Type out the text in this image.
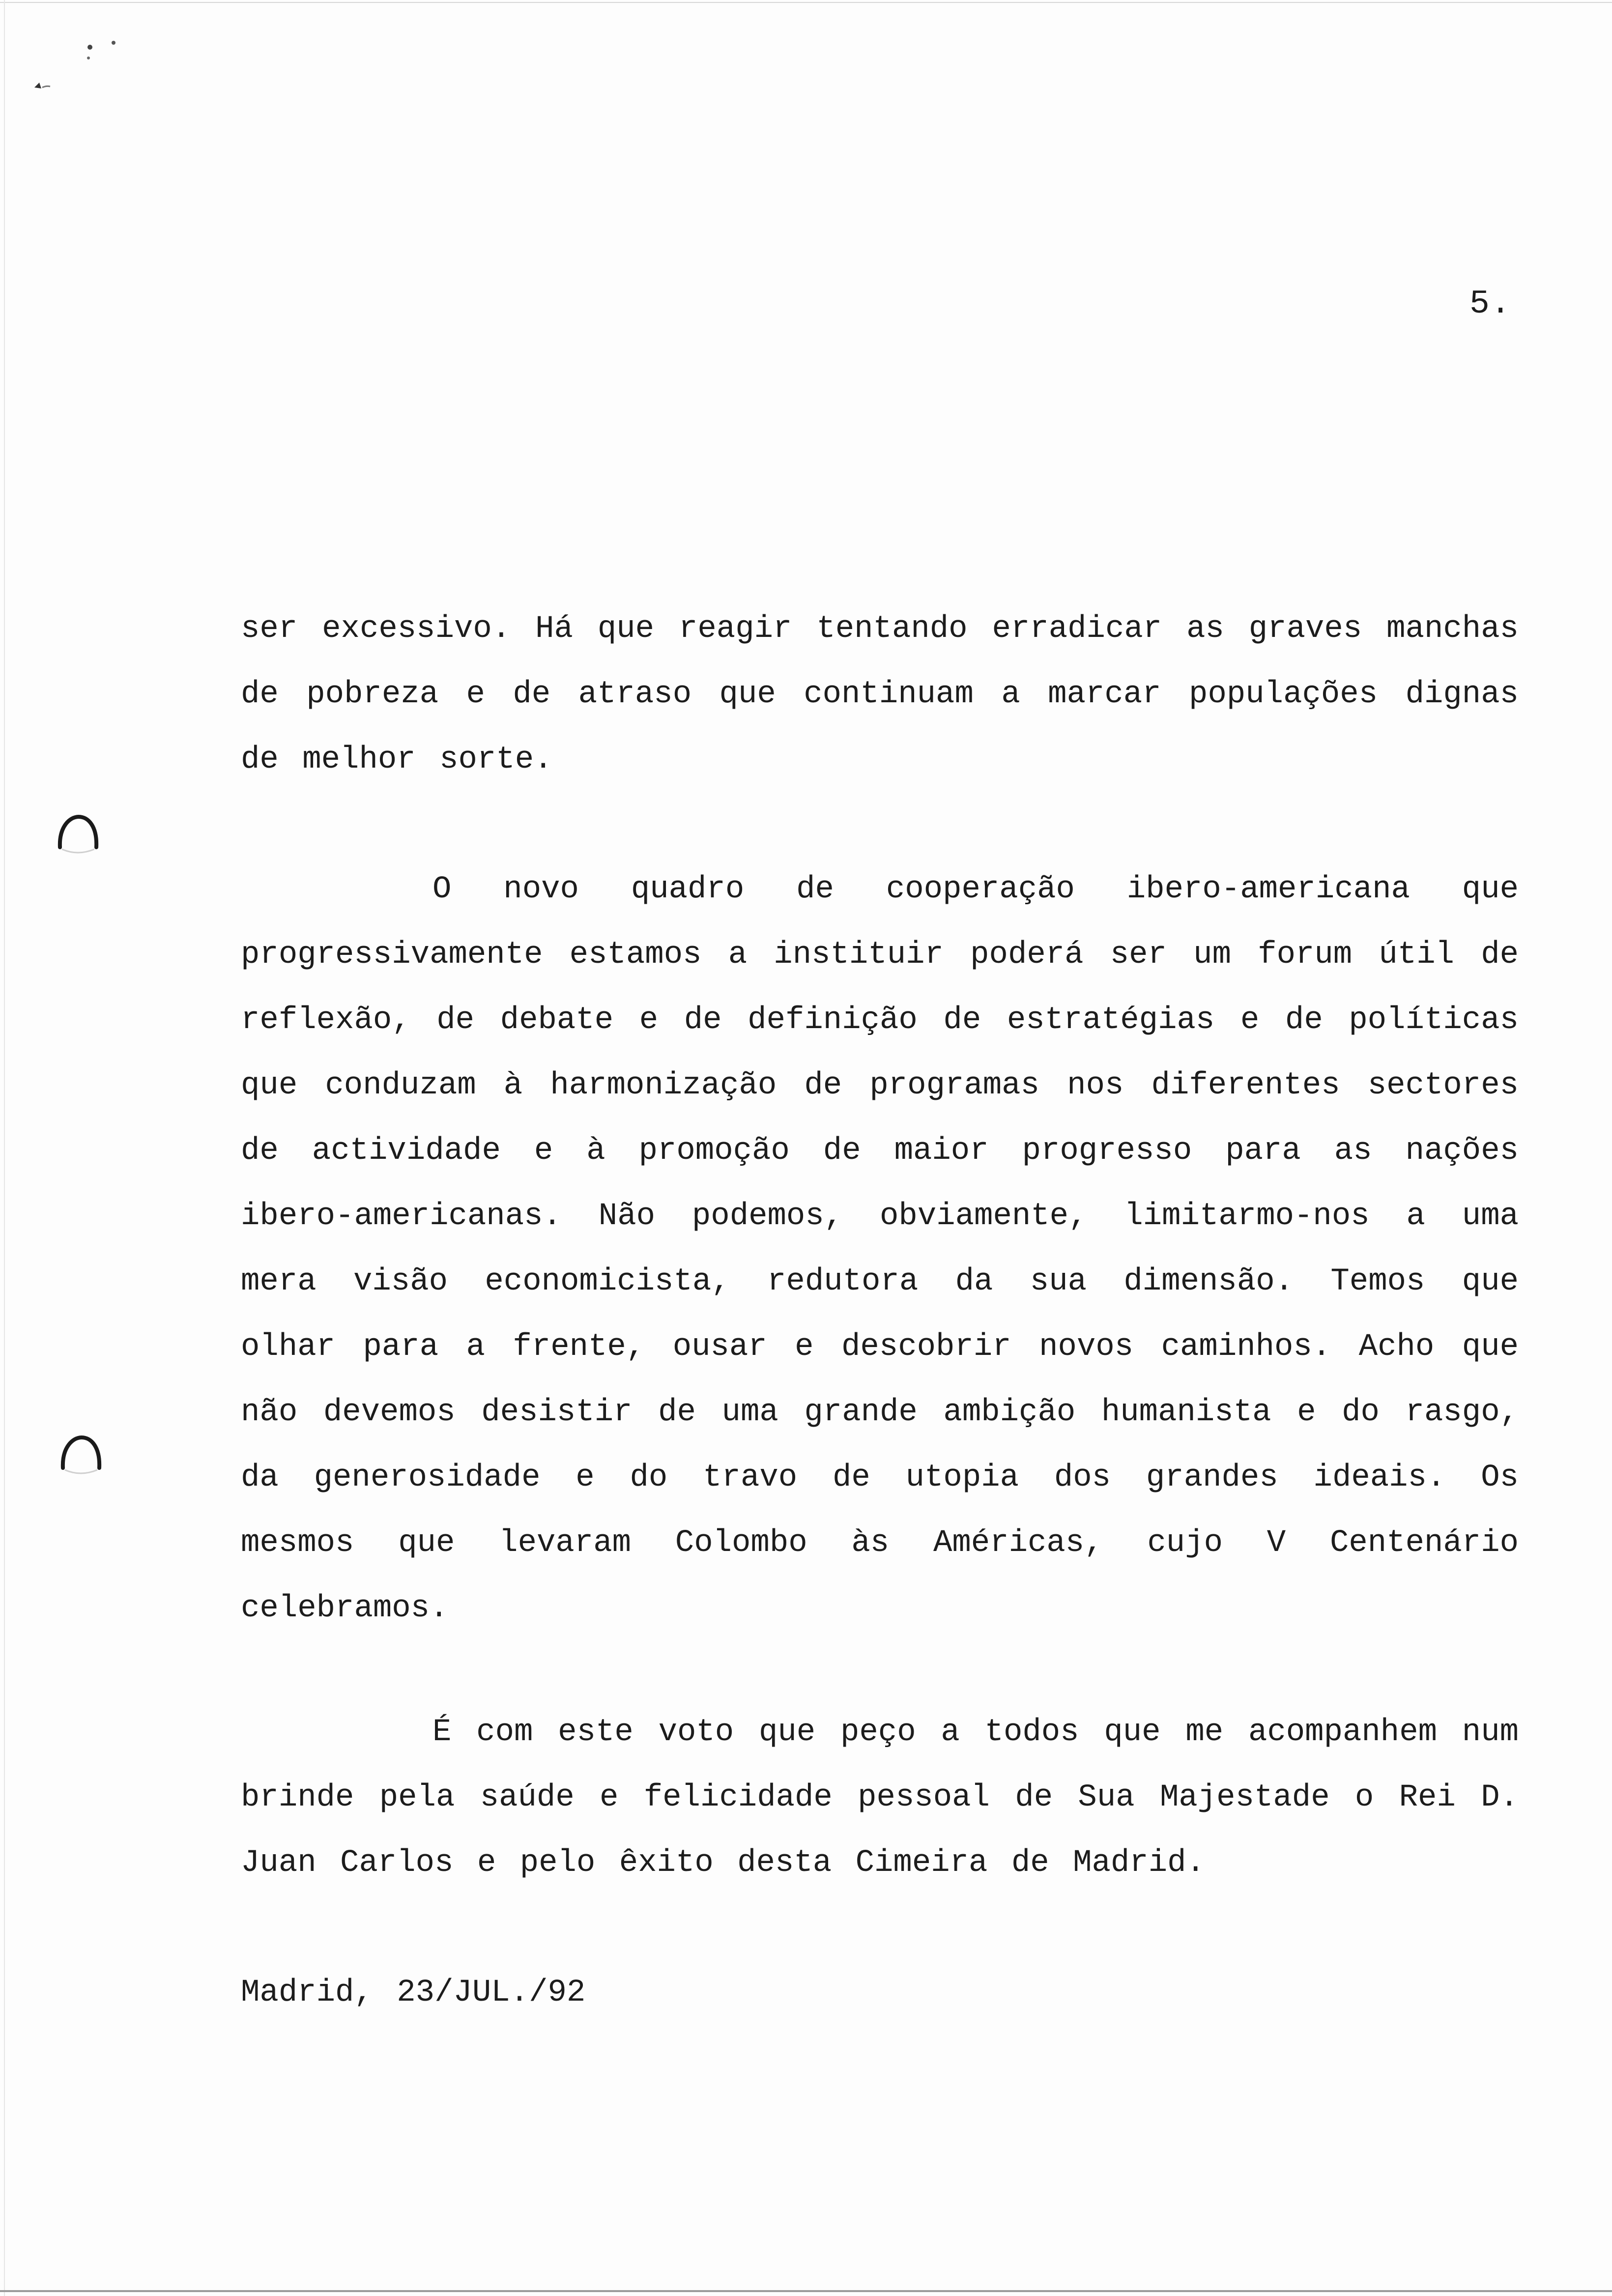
5.

ser excessivo. Há que reagir tentando erradicar as graves manchas de pobreza e de atraso que continuam a marcar populações dignas de melhor sorte.

O novo quadro de cooperação ibero-americana que progressivamente estamos a instituir poderá ser um forum útil de reflexão, de debate e de definição de estratégias e de políticas que conduzam à harmonização de programas nos diferentes sectores de actividade e à promoção de maior progresso para as nações ibero-americanas. Não podemos, obviamente, limitarmo-nos a uma mera visão economicista, redutora da sua dimensão. Temos que olhar para a frente, ousar e descobrir novos caminhos. Acho que não devemos desistir de uma grande ambição humanista e do rasgo, da generosidade e do travo de utopia dos grandes ideais. Os mesmos que levaram Colombo às Américas, cujo V Centenário celebramos.

É com este voto que peço a todos que me acompanhem num brinde pela saúde e felicidade pessoal de Sua Majestade o Rei D. Juan Carlos e pelo êxito desta Cimeira de Madrid.

Madrid, 23/JUL./92
